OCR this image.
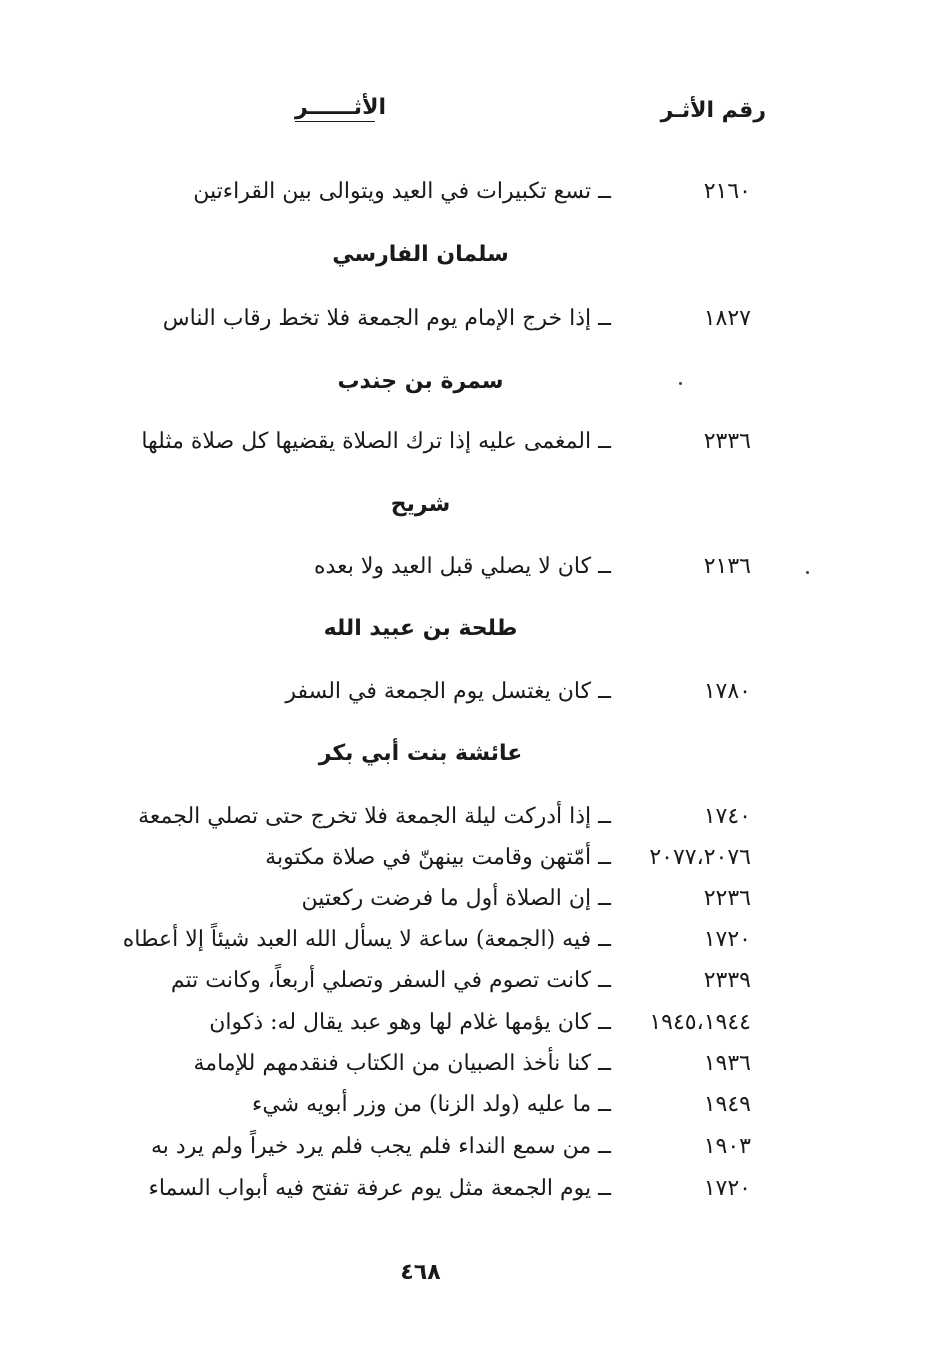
رقم الأثـر
الأثــــــر
٢١٦٠
ــ تسع تكبيرات في العيد ويتوالى بين القراءتين
سلمان الفارسي
١٨٢٧
ــ إذا خرج الإمام يوم الجمعة فلا تخط رقاب الناس
سمرة بن جندب
٢٣٣٦
ــ المغمى عليه إذا ترك الصلاة يقضيها كل صلاة مثلها
شريح
٢١٣٦
ــ كان لا يصلي قبل العيد ولا بعده
طلحة بن عبيد الله
١٧٨٠
ــ كان يغتسل يوم الجمعة في السفر
عائشة بنت أبي بكر
١٧٤٠
ــ إذا أدركت ليلة الجمعة فلا تخرج حتى تصلي الجمعة
٢٠٧٧،٢٠٧٦
ــ أمّتهن وقامت بينهنّ في صلاة مكتوبة
٢٢٣٦
ــ إن الصلاة أول ما فرضت ركعتين
١٧٢٠
ــ فيه (الجمعة) ساعة لا يسأل الله العبد شيئاً إلا أعطاه
٢٣٣٩
ــ كانت تصوم في السفر وتصلي أربعاً، وكانت تتم
١٩٤٥،١٩٤٤
ــ كان يؤمها غلام لها وهو عبد يقال له: ذكوان
١٩٣٦
ــ كنا نأخذ الصبيان من الكتاب فنقدمهم للإمامة
١٩٤٩
ــ ما عليه (ولد الزنا) من وزر أبويه شيء
١٩٠٣
ــ من سمع النداء فلم يجب فلم يرد خيراً ولم يرد به
١٧٢٠
ــ يوم الجمعة مثل يوم عرفة تفتح فيه أبواب السماء
٤٦٨
